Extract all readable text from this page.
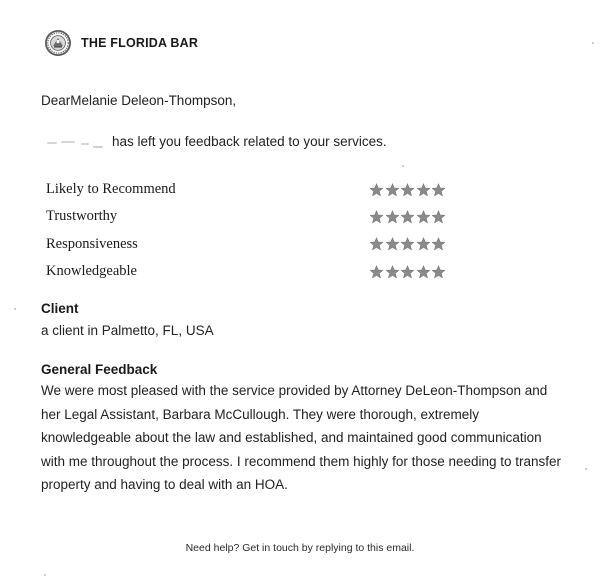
THE FLORIDA BAR
DearMelanie Deleon-Thompson,
has left you feedback related to your services.
Likely to Recommend
Trustworthy
Responsiveness
Knowledgeable
Client
a client in Palmetto, FL, USA
General Feedback
We were most pleased with the service provided by Attorney DeLeon-Thompson and her Legal Assistant, Barbara McCullough. They were thorough, extremely knowledgeable about the law and established, and maintained good communication with me throughout the process. I recommend them highly for those needing to transfer property and having to deal with an HOA.
Need help? Get in touch by replying to this email.
